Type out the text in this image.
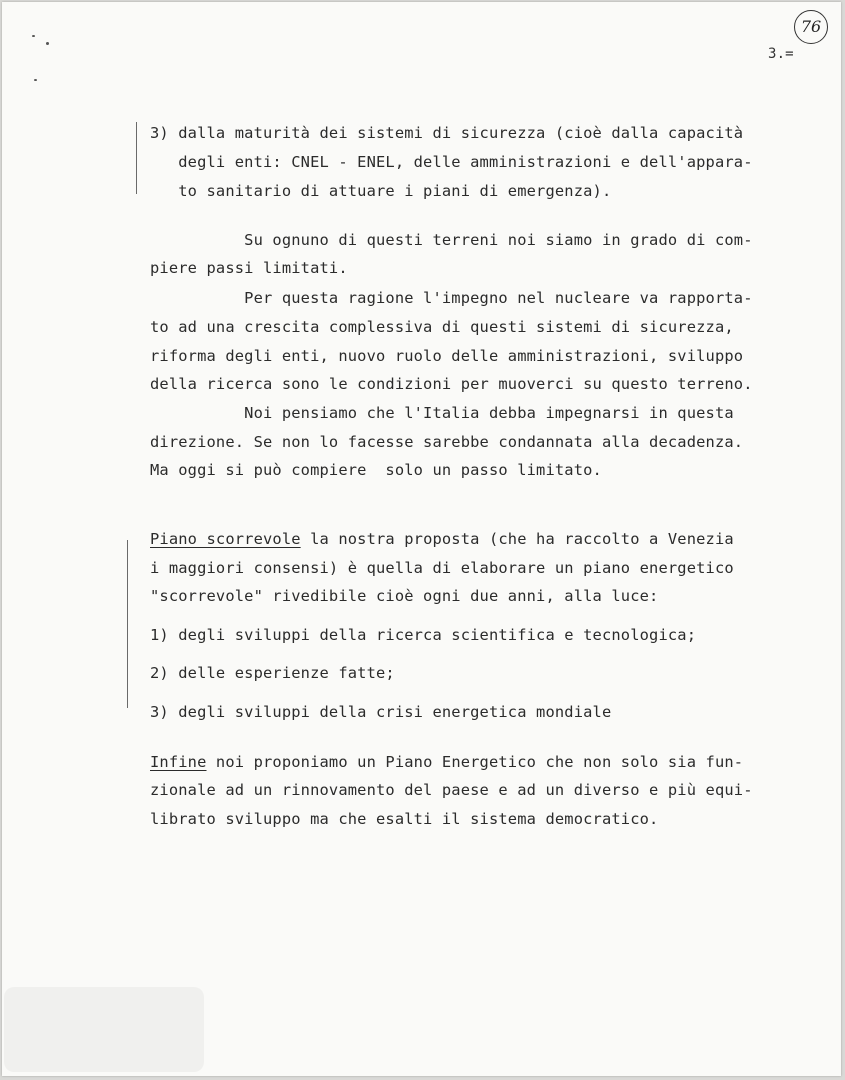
76
3.=
3) dalla maturità dei sistemi di sicurezza (cioè dalla capacità
degli enti: CNEL - ENEL, delle amministrazioni e dell'appara-
to sanitario di attuare i piani di emergenza).
Su ognuno di questi terreni noi siamo in grado di com-
piere passi limitati.
Per questa ragione l'impegno nel nucleare va rapporta-
to ad una crescita complessiva di questi sistemi di sicurezza,
riforma degli enti, nuovo ruolo delle amministrazioni, sviluppo
della ricerca sono le condizioni per muoverci su questo terreno.
Noi pensiamo che l'Italia debba impegnarsi in questa
direzione. Se non lo facesse sarebbe condannata alla decadenza.
Ma oggi si può compiere  solo un passo limitato.
Piano scorrevole la nostra proposta (che ha raccolto a Venezia
i maggiori consensi) è quella di elaborare un piano energetico
"scorrevole" rivedibile cioè ogni due anni, alla luce:
1) degli sviluppi della ricerca scientifica e tecnologica;
2) delle esperienze fatte;
3) degli sviluppi della crisi energetica mondiale
Infine noi proponiamo un Piano Energetico che non solo sia fun-
zionale ad un rinnovamento del paese e ad un diverso e più equi-
librato sviluppo ma che esalti il sistema democratico.
